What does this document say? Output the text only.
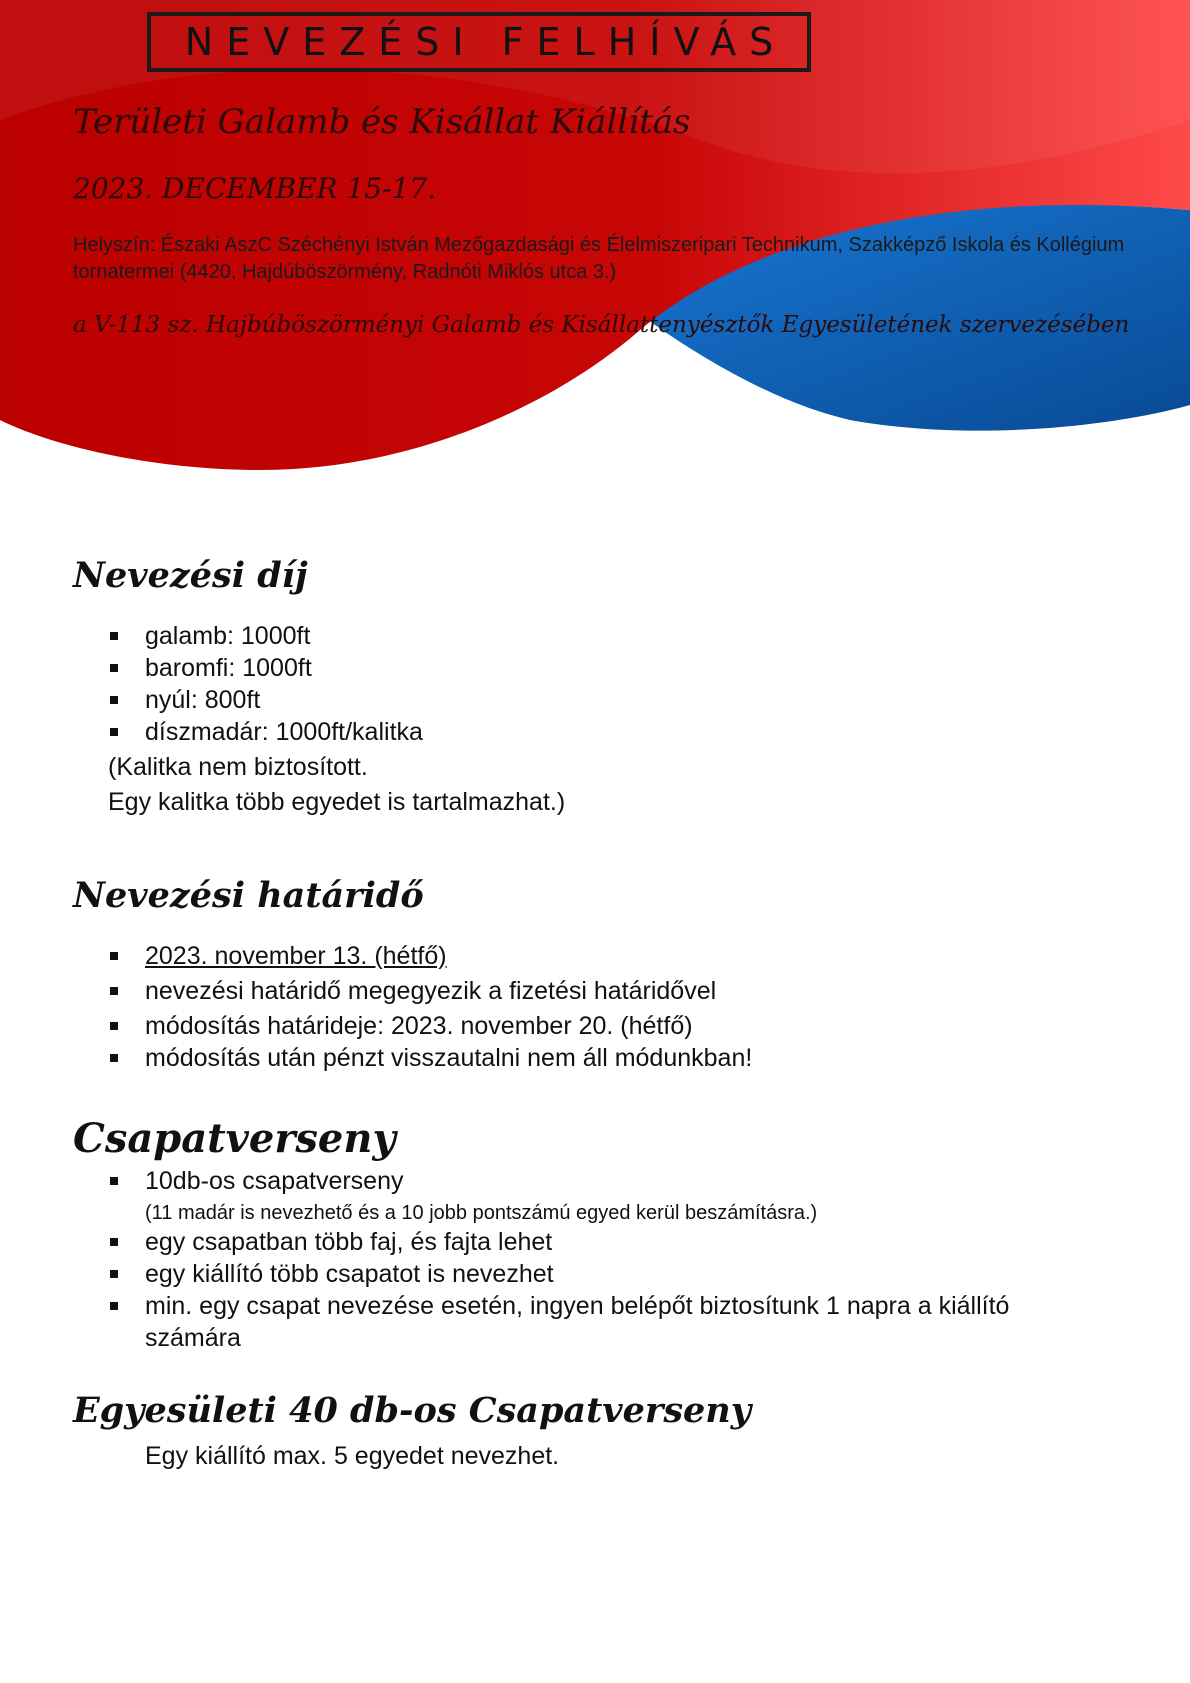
NEVEZÉSI FELHÍVÁS
Területi Galamb és Kisállat Kiállítás
2023. DECEMBER 15-17.
Helyszín: Északi AszC Széchényi István Mezőgazdasági és Élelmiszeripari Technikum, Szakképző Iskola és Kollégium tornatermei (4420, Hajdúböszörmény, Radnóti Miklós utca 3.)
a V-113 sz. Hajbúböszörményi Galamb és Kisállattenyésztők Egyesületének szervezésében
Nevezési díj
galamb: 1000ft
baromfi: 1000ft
nyúl: 800ft
díszmadár: 1000ft/kalitka
(Kalitka nem biztosított.
Egy kalitka több egyedet is tartalmazhat.)
Nevezési határidő
2023. november 13. (hétfő)
nevezési határidő megegyezik a fizetési határidővel
módosítás határideje: 2023. november 20. (hétfő)
módosítás után pénzt visszautalni nem áll módunkban!
Csapatverseny
10db-os csapatverseny
(11 madár is nevezhető és a 10 jobb pontszámú egyed kerül beszámításra.)
egy csapatban több faj, és fajta lehet
egy kiállító több csapatot is nevezhet
min. egy csapat nevezése esetén, ingyen belépőt biztosítunk 1 napra a kiállító
számára
Egyesületi 40 db-os Csapatverseny
Egy kiállító max. 5 egyedet nevezhet.
